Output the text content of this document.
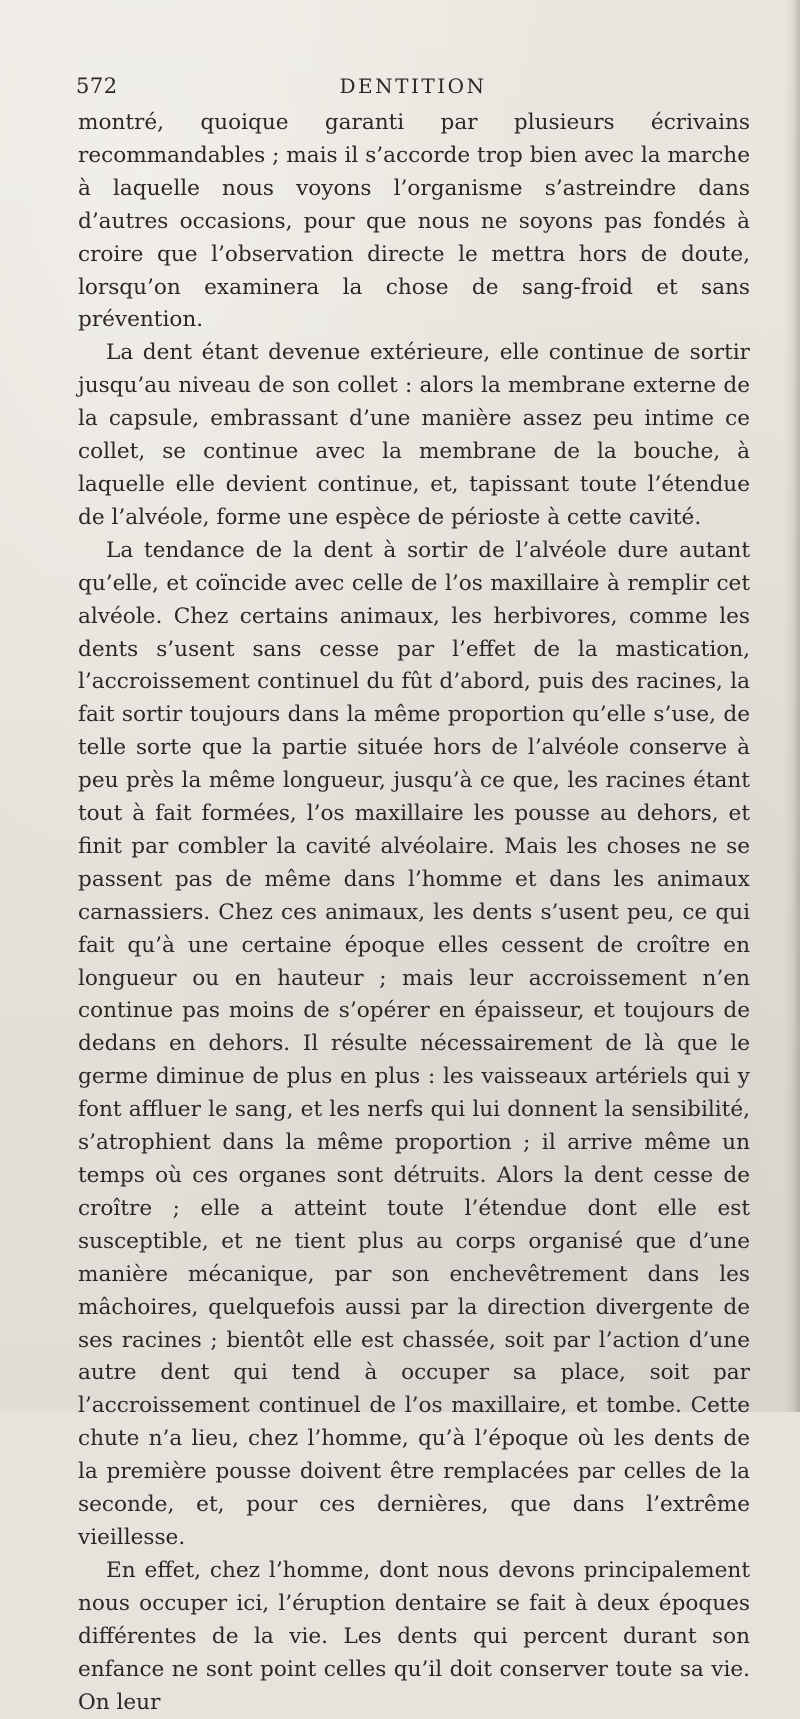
572	DENTITION

montré, quoique garanti par plusieurs écrivains recommandables ; mais il s’accorde trop bien avec la marche à laquelle nous voyons l’organisme s’astreindre dans d’autres occasions, pour que nous ne soyons pas fondés à croire que l’observation directe le mettra hors de doute, lorsqu’on examinera la chose de sang-froid et sans prévention.

La dent étant devenue extérieure, elle continue de sortir jusqu’au niveau de son collet : alors la membrane externe de la capsule, embrassant d’une manière assez peu intime ce collet, se continue avec la membrane de la bouche, à laquelle elle devient continue, et, tapissant toute l’étendue de l’alvéole, forme une espèce de périoste à cette cavité.

La tendance de la dent à sortir de l’alvéole dure autant qu’elle, et coïncide avec celle de l’os maxillaire à remplir cet alvéole. Chez certains animaux, les herbivores, comme les dents s’usent sans cesse par l’effet de la mastication, l’accroissement continuel du fût d’abord, puis des racines, la fait sortir toujours dans la même proportion qu’elle s’use, de telle sorte que la partie située hors de l’alvéole conserve à peu près la même longueur, jusqu’à ce que, les racines étant tout à fait formées, l’os maxillaire les pousse au dehors, et finit par combler la cavité alvéolaire. Mais les choses ne se passent pas de même dans l’homme et dans les animaux carnassiers. Chez ces animaux, les dents s’usent peu, ce qui fait qu’à une certaine époque elles cessent de croître en longueur ou en hauteur ; mais leur accroissement n’en continue pas moins de s’opérer en épaisseur, et toujours de dedans en dehors. Il résulte nécessairement de là que le germe diminue de plus en plus : les vaisseaux artériels qui y font affluer le sang, et les nerfs qui lui donnent la sensibilité, s’atrophient dans la même proportion ; il arrive même un temps où ces organes sont détruits. Alors la dent cesse de croître ; elle a atteint toute l’étendue dont elle est susceptible, et ne tient plus au corps organisé que d’une manière mécanique, par son enchevêtrement dans les mâchoires, quelquefois aussi par la direction divergente de ses racines ; bientôt elle est chassée, soit par l’action d’une autre dent qui tend à occuper sa place, soit par l’accroissement continuel de l’os maxillaire, et tombe. Cette chute n’a lieu, chez l’homme, qu’à l’époque où les dents de la première pousse doivent être remplacées par celles de la seconde, et, pour ces dernières, que dans l’extrême vieillesse.

En effet, chez l’homme, dont nous devons principalement nous occuper ici, l’éruption dentaire se fait à deux époques différentes de la vie. Les dents qui percent durant son enfance ne sont point celles qu’il doit conserver toute sa vie. On leur
